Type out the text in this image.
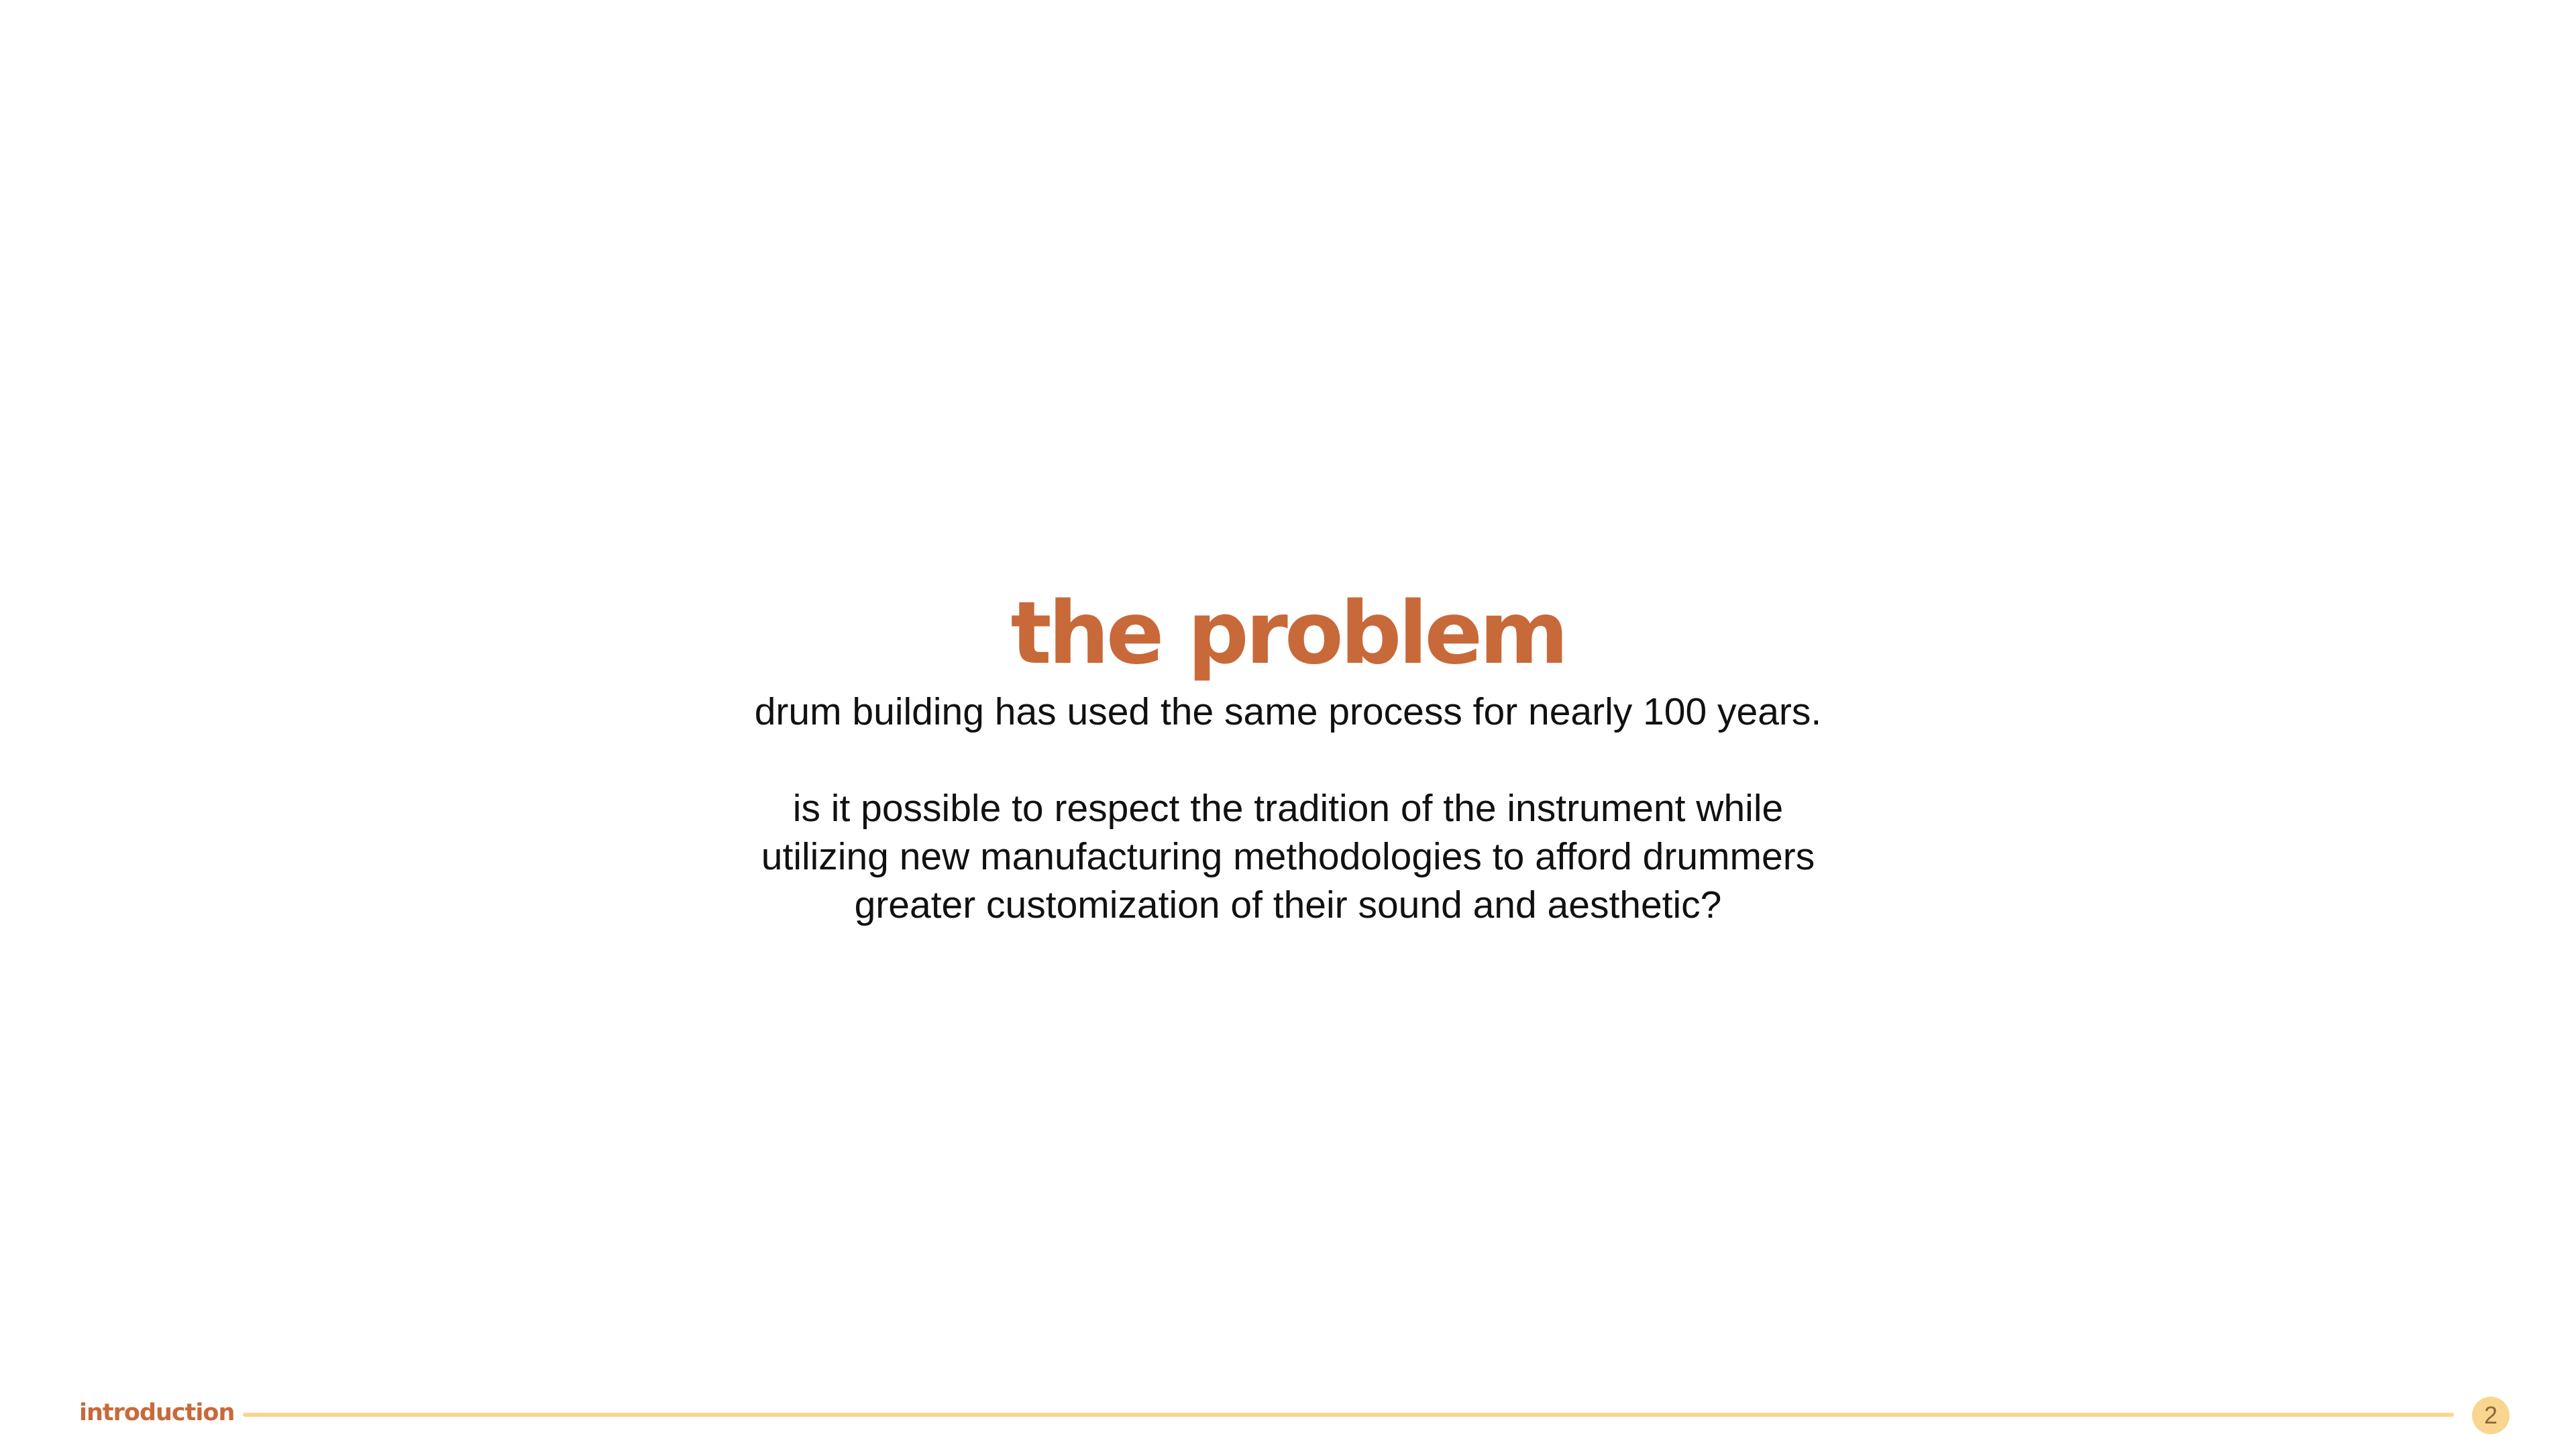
the problem

drum building has used the same process for nearly 100 years.

is it possible to respect the tradition of the instrument while

utilizing new manufacturing methodologies to afford drummers

greater customization of their sound and aesthetic?

introduction	2
